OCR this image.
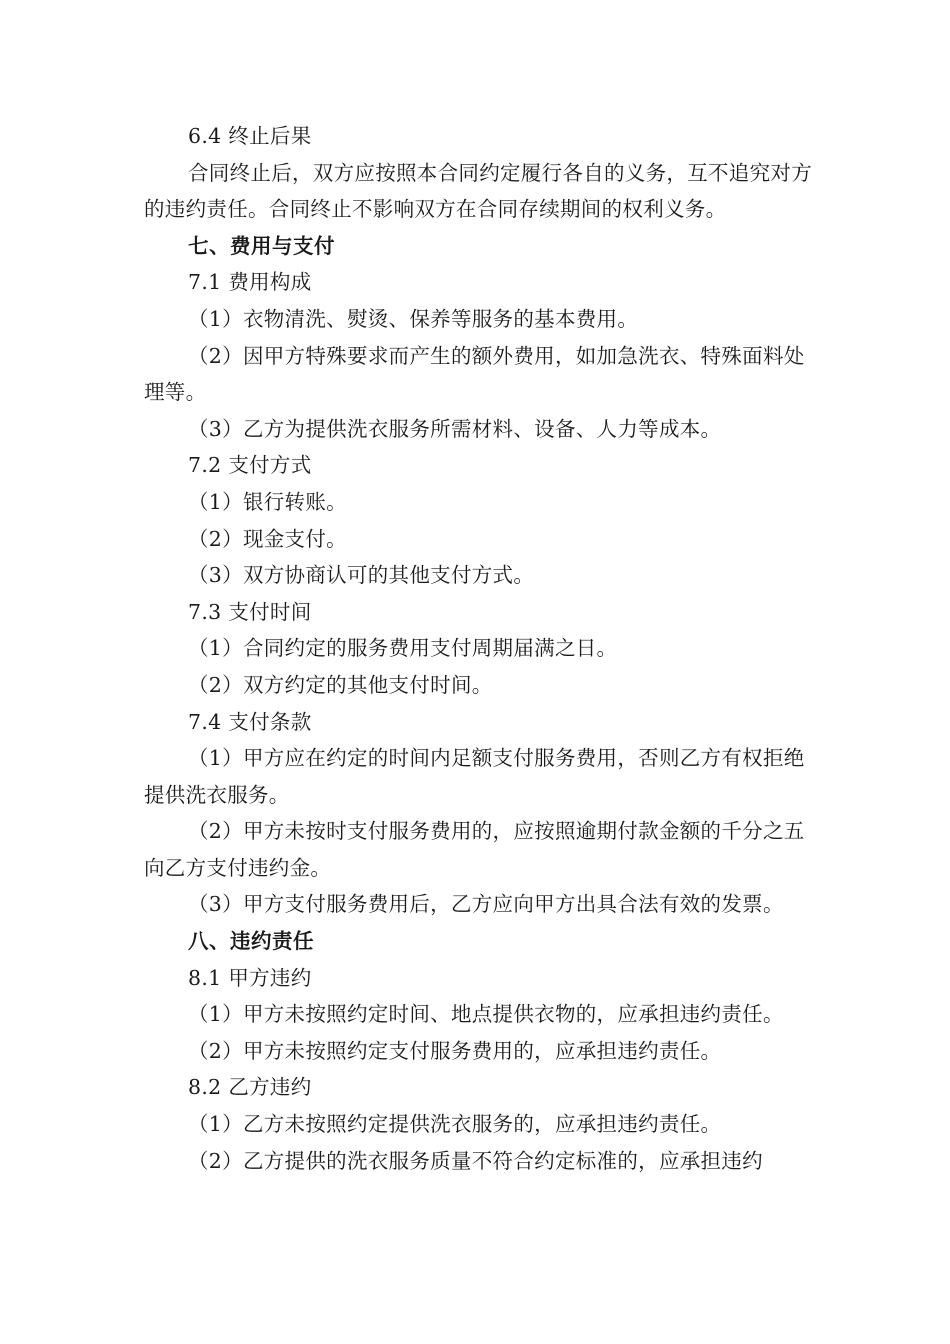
6.4 终止后果

合同终止后，双方应按照本合同约定履行各自的义务，互不追究对方的违约责任。合同终止不影响双方在合同存续期间的权利义务。

七、费用与支付

7.1 费用构成

（1）衣物清洗、熨烫、保养等服务的基本费用。

（2）因甲方特殊要求而产生的额外费用，如加急洗衣、特殊面料处理等。

（3）乙方为提供洗衣服务所需材料、设备、人力等成本。

7.2 支付方式

（1）银行转账。

（2）现金支付。

（3）双方协商认可的其他支付方式。

7.3 支付时间

（1）合同约定的服务费用支付周期届满之日。

（2）双方约定的其他支付时间。

7.4 支付条款

（1）甲方应在约定的时间内足额支付服务费用，否则乙方有权拒绝提供洗衣服务。

（2）甲方未按时支付服务费用的，应按照逾期付款金额的千分之五向乙方支付违约金。

（3）甲方支付服务费用后，乙方应向甲方出具合法有效的发票。

八、违约责任

8.1 甲方违约

（1）甲方未按照约定时间、地点提供衣物的，应承担违约责任。

（2）甲方未按照约定支付服务费用的，应承担违约责任。

8.2 乙方违约

（1）乙方未按照约定提供洗衣服务的，应承担违约责任。

（2）乙方提供的洗衣服务质量不符合约定标准的，应承担违约
